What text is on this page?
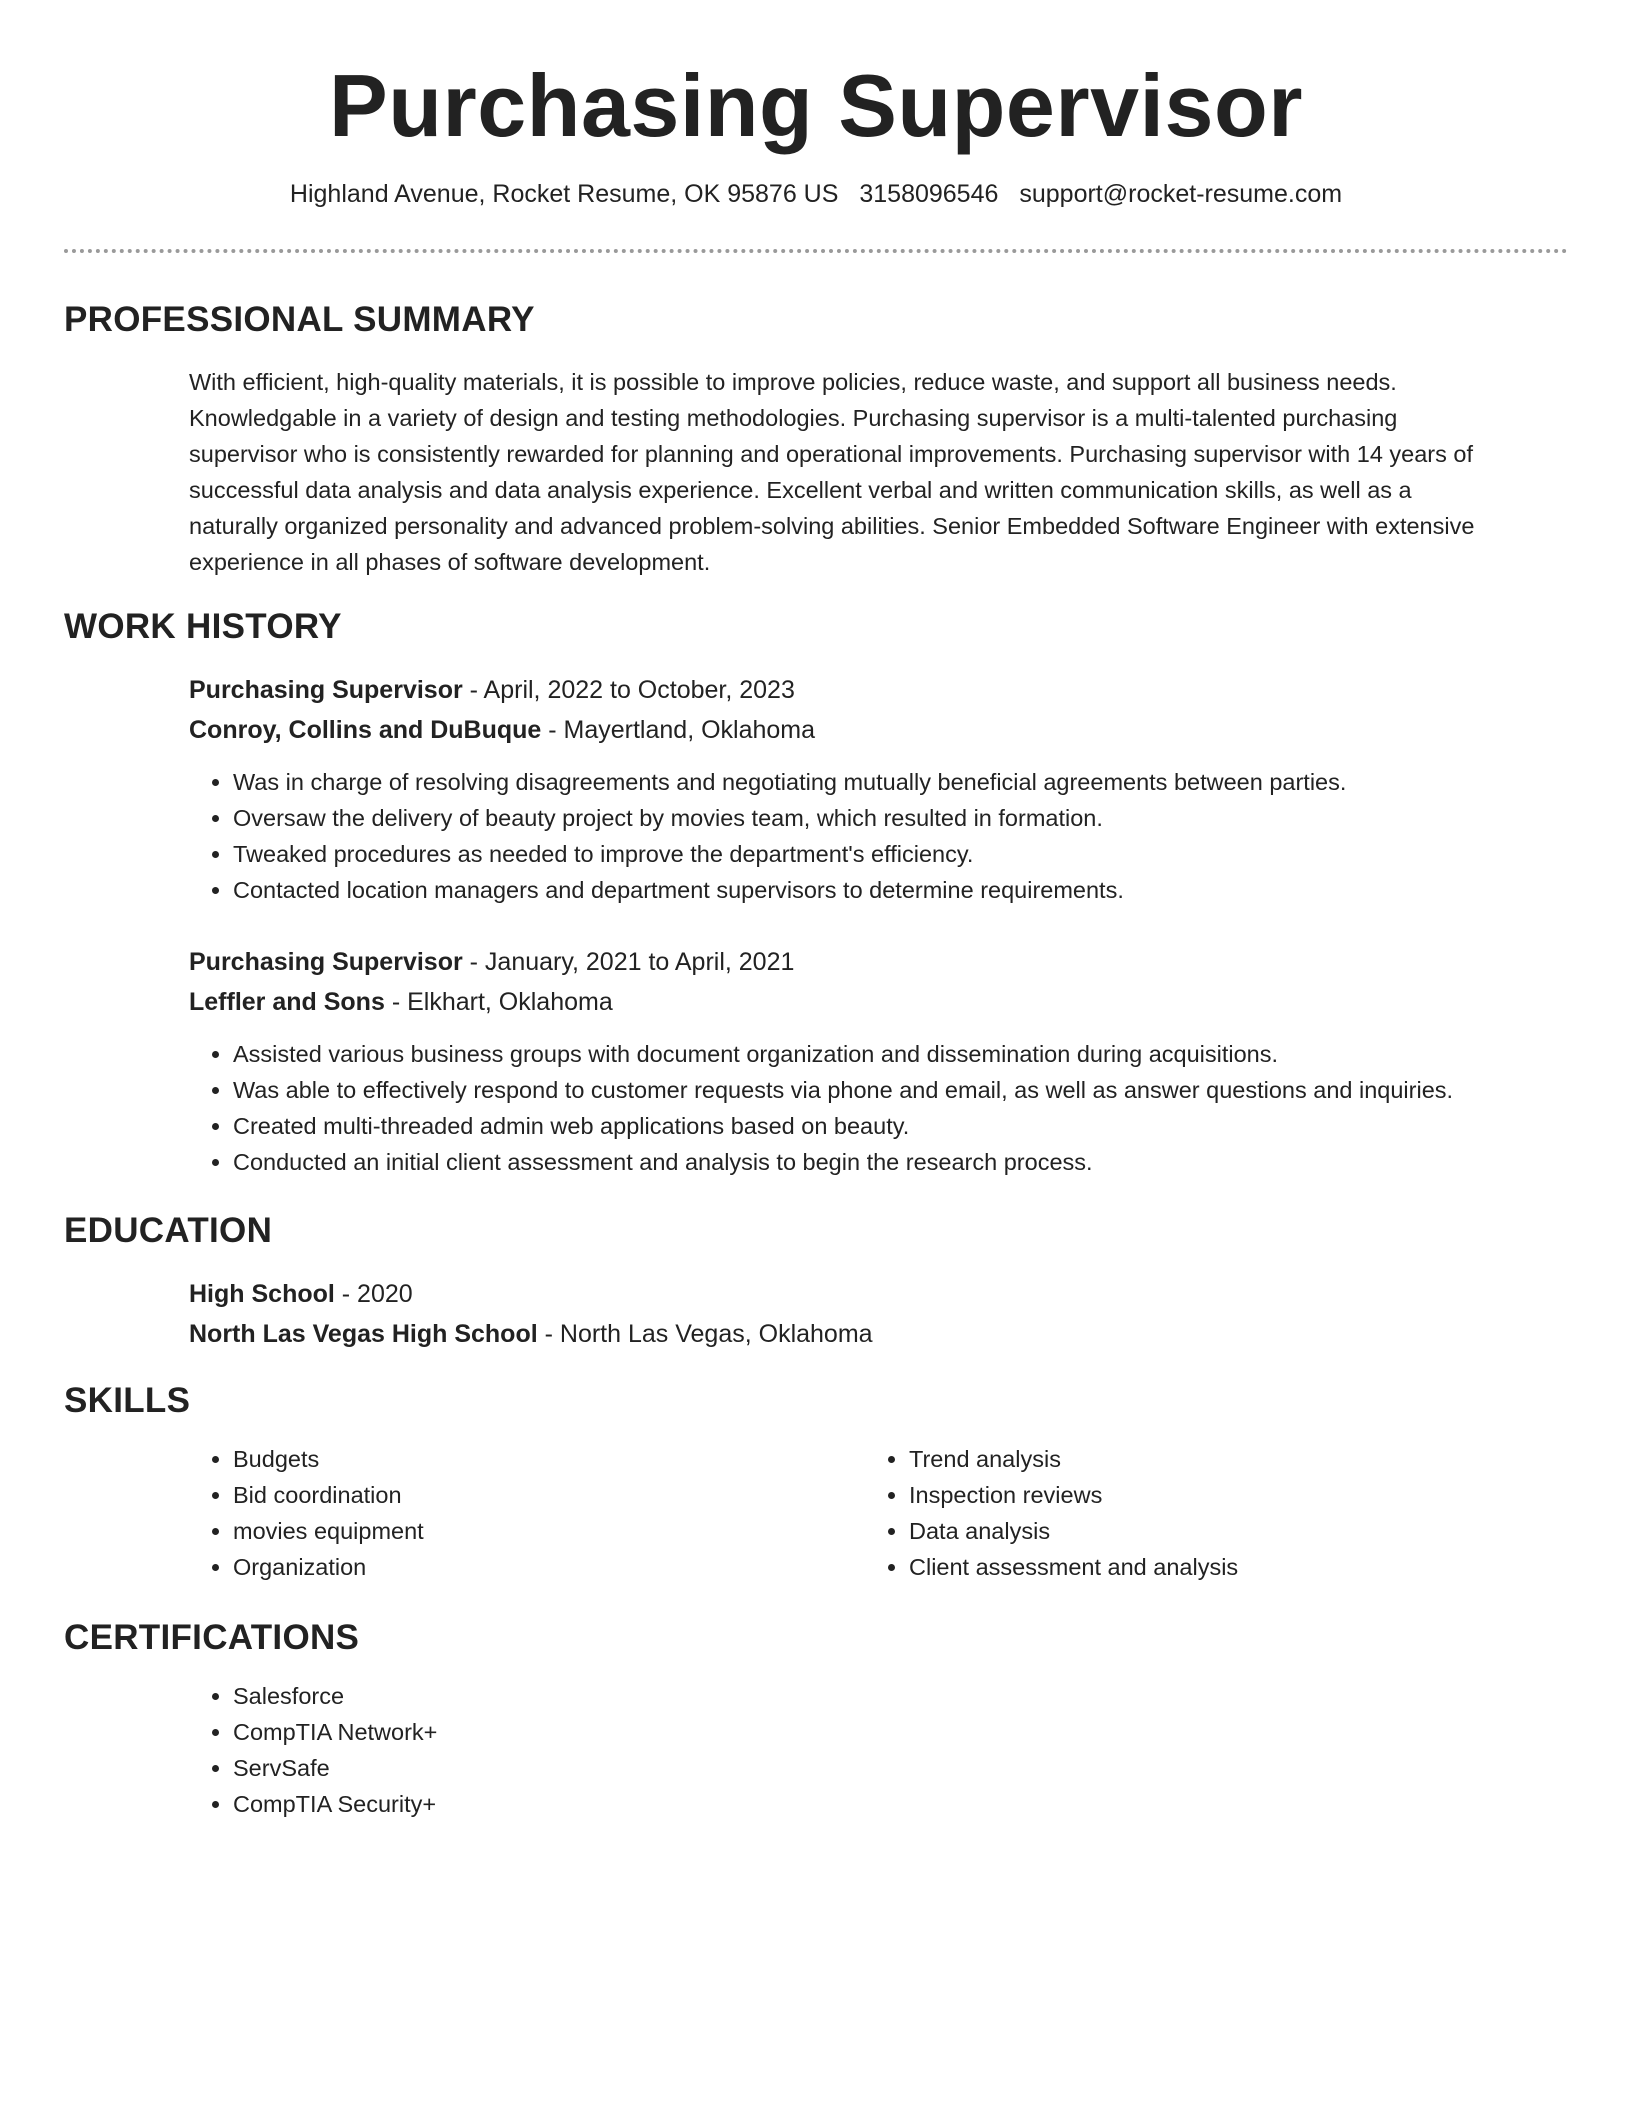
Purchasing Supervisor
Highland Avenue, Rocket Resume, OK 95876 US 3158096546 support@rocket-resume.com
PROFESSIONAL SUMMARY

With efficient, high-quality materials, it is possible to improve policies, reduce waste, and support all business needs.
Knowledgable in a variety of design and testing methodologies. Purchasing supervisor is a multi-talented purchasing
supervisor who is consistently rewarded for planning and operational improvements. Purchasing supervisor with 14 years of
successful data analysis and data analysis experience. Excellent verbal and written communication skills, as well as a
naturally organized personality and advanced problem-solving abilities. Senior Embedded Software Engineer with extensive
experience in all phases of software development.

WORK HISTORY

Purchasing Supervisor - April, 2022 to October, 2023

Conroy, Collins and DuBuque - Mayertland, Oklahoma

• Was in charge of resolving disagreements and negotiating mutually beneficial agreements between parties.
• Oversaw the delivery of beauty project by movies team, which resulted in formation.
• Tweaked procedures as needed to improve the department's efficiency.
• Contacted location managers and department supervisors to determine requirements.

Purchasing Supervisor - January, 2021 to April, 2021

Leffler and Sons - Elkhart, Oklahoma

• Assisted various business groups with document organization and dissemination during acquisitions.
• Was able to effectively respond to customer requests via phone and email, as well as answer questions and inquiries.
• Created multi-threaded admin web applications based on beauty.
• Conducted an initial client assessment and analysis to begin the research process.
EDUCATION

High School - 2020

North Las Vegas High School - North Las Vegas, Oklahoma

SKILLS
• Budgets
• Bid coordination
• movies equipment
• Organization
• Trend analysis
• Inspection reviews
• Data analysis
• Client assessment and analysis
CERTIFICATIONS
• Salesforce
• CompTIA Network+
• ServSafe
• CompTIA Security+
